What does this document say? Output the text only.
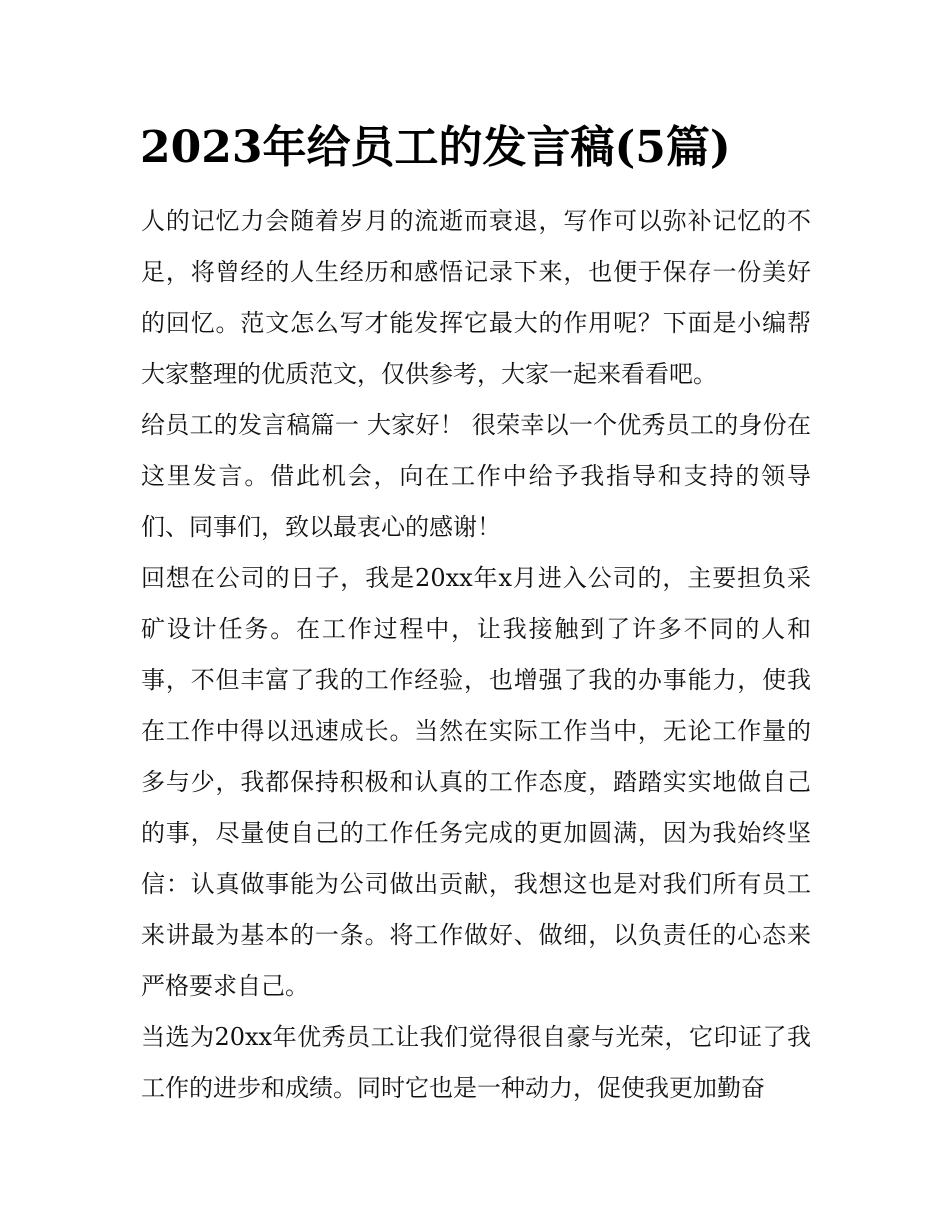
2023年给员工的发言稿(5篇)

人的记忆力会随着岁月的流逝而衰退，写作可以弥补记忆的不足，将曾经的人生经历和感悟记录下来，也便于保存一份美好的回忆。范文怎么写才能发挥它最大的作用呢？下面是小编帮大家整理的优质范文，仅供参考，大家一起来看看吧。

给员工的发言稿篇一 大家好！ 很荣幸以一个优秀员工的身份在这里发言。借此机会，向在工作中给予我指导和支持的领导们、同事们，致以最衷心的感谢！

回想在公司的日子，我是20xx年x月进入公司的，主要担负采矿设计任务。在工作过程中，让我接触到了许多不同的人和事，不但丰富了我的工作经验，也增强了我的办事能力，使我在工作中得以迅速成长。当然在实际工作当中，无论工作量的多与少，我都保持积极和认真的工作态度，踏踏实实地做自己的事，尽量使自己的工作任务完成的更加圆满，因为我始终坚信：认真做事能为公司做出贡献，我想这也是对我们所有员工来讲最为基本的一条。将工作做好、做细，以负责任的心态来严格要求自己。

当选为20xx年优秀员工让我们觉得很自豪与光荣，它印证了我工作的进步和成绩。同时它也是一种动力，促使我更加勤奋
